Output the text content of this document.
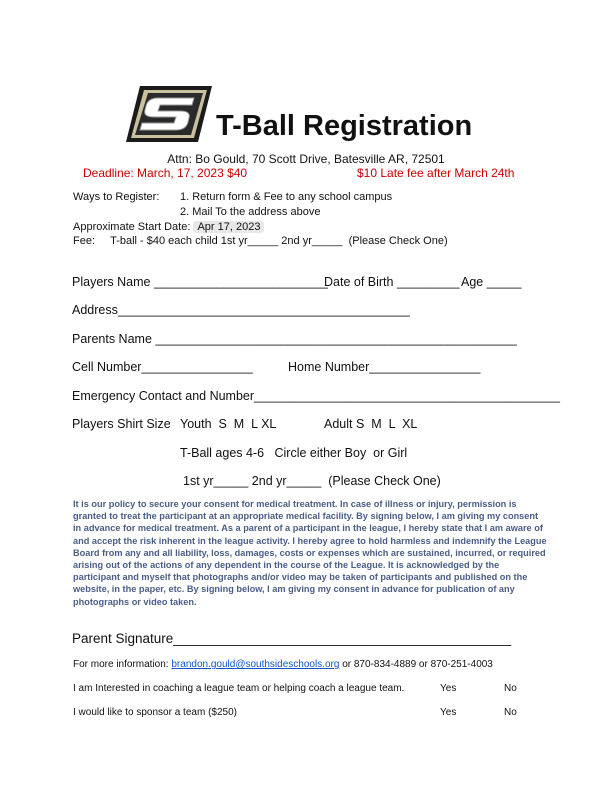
T-Ball Registration
Attn: Bo Gould, 70 Scott Drive, Batesville AR, 72501
Deadline: March, 17, 2023 $40	$10 Late fee after March 24th
Ways to Register: 1. Return form & Fee to any school campus
2. Mail To the address above
Approximate Start Date: Apr 17, 2023
Fee:     T-ball - $40 each child 1st yr_____ 2nd yr_____  (Please Check One)
Players Name _________________________
Date of Birth _________ Age _____
Address__________________________________________
Parents Name ____________________________________________________
Cell Number________________	Home Number________________
Emergency Contact and Number____________________________________________
Players Shirt Size Youth  S  M  L XL	Adult S  M  L  XL
T-Ball ages 4-6   Circle either Boy  or Girl
1st yr_____ 2nd yr_____  (Please Check One)
It is our policy to secure your consent for medical treatment. In case of illness or injury, permission is granted to treat the participant at an appropriate medical facility. By signing below, I am giving my consent in advance for medical treatment. As a parent of a participant in the league, I hereby state that I am aware of and accept the risk inherent in the league activity. I hereby agree to hold harmless and indemnify the League Board from any and all liability, loss, damages, costs or expenses which are sustained, incurred, or required arising out of the actions of any dependent in the course of the League. It is acknowledged by the participant and myself that photographs and/or video may be taken of participants and published on the website, in the paper, etc. By signing below, I am giving my consent in advance for publication of any photographs or video taken.
Parent Signature_____________________________________________
For more information: brandon.gould@southsideschools.org or 870-834-4889 or 870-251-4003
I am Interested in coaching a league team or helping coach a league team.	Yes	No
I would like to sponsor a team ($250)	Yes	No
